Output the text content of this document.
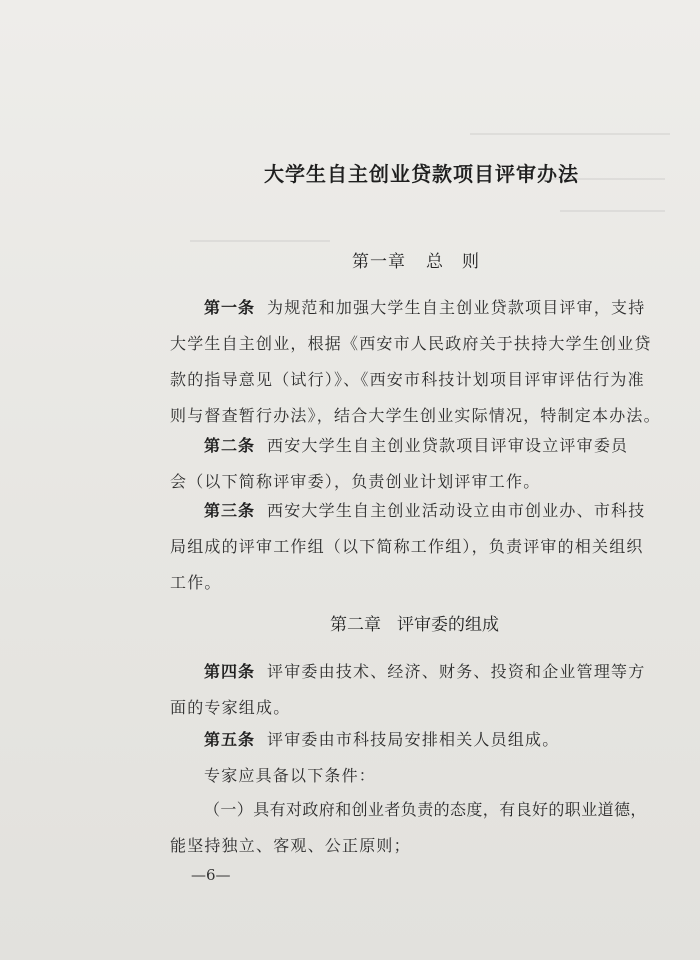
大学生自主创业贷款项目评审办法
第一章 总　则
第一条 为规范和加强大学生自主创业贷款项目评审，支持
大学生自主创业，根据《西安市人民政府关于扶持大学生创业贷
款的指导意见（试行）》、《西安市科技计划项目评审评估行为准
则与督查暂行办法》，结合大学生创业实际情况，特制定本办法。
第二条 西安大学生自主创业贷款项目评审设立评审委员
会（以下简称评审委），负责创业计划评审工作。
第三条 西安大学生自主创业活动设立由市创业办、市科技
局组成的评审工作组（以下简称工作组），负责评审的相关组织
工作。
第二章 评审委的组成
第四条 评审委由技术、经济、财务、投资和企业管理等方
面的专家组成。
第五条 评审委由市科技局安排相关人员组成。
专家应具备以下条件：
（一）具有对政府和创业者负责的态度，有良好的职业道德，
能坚持独立、客观、公正原则；
—6—
